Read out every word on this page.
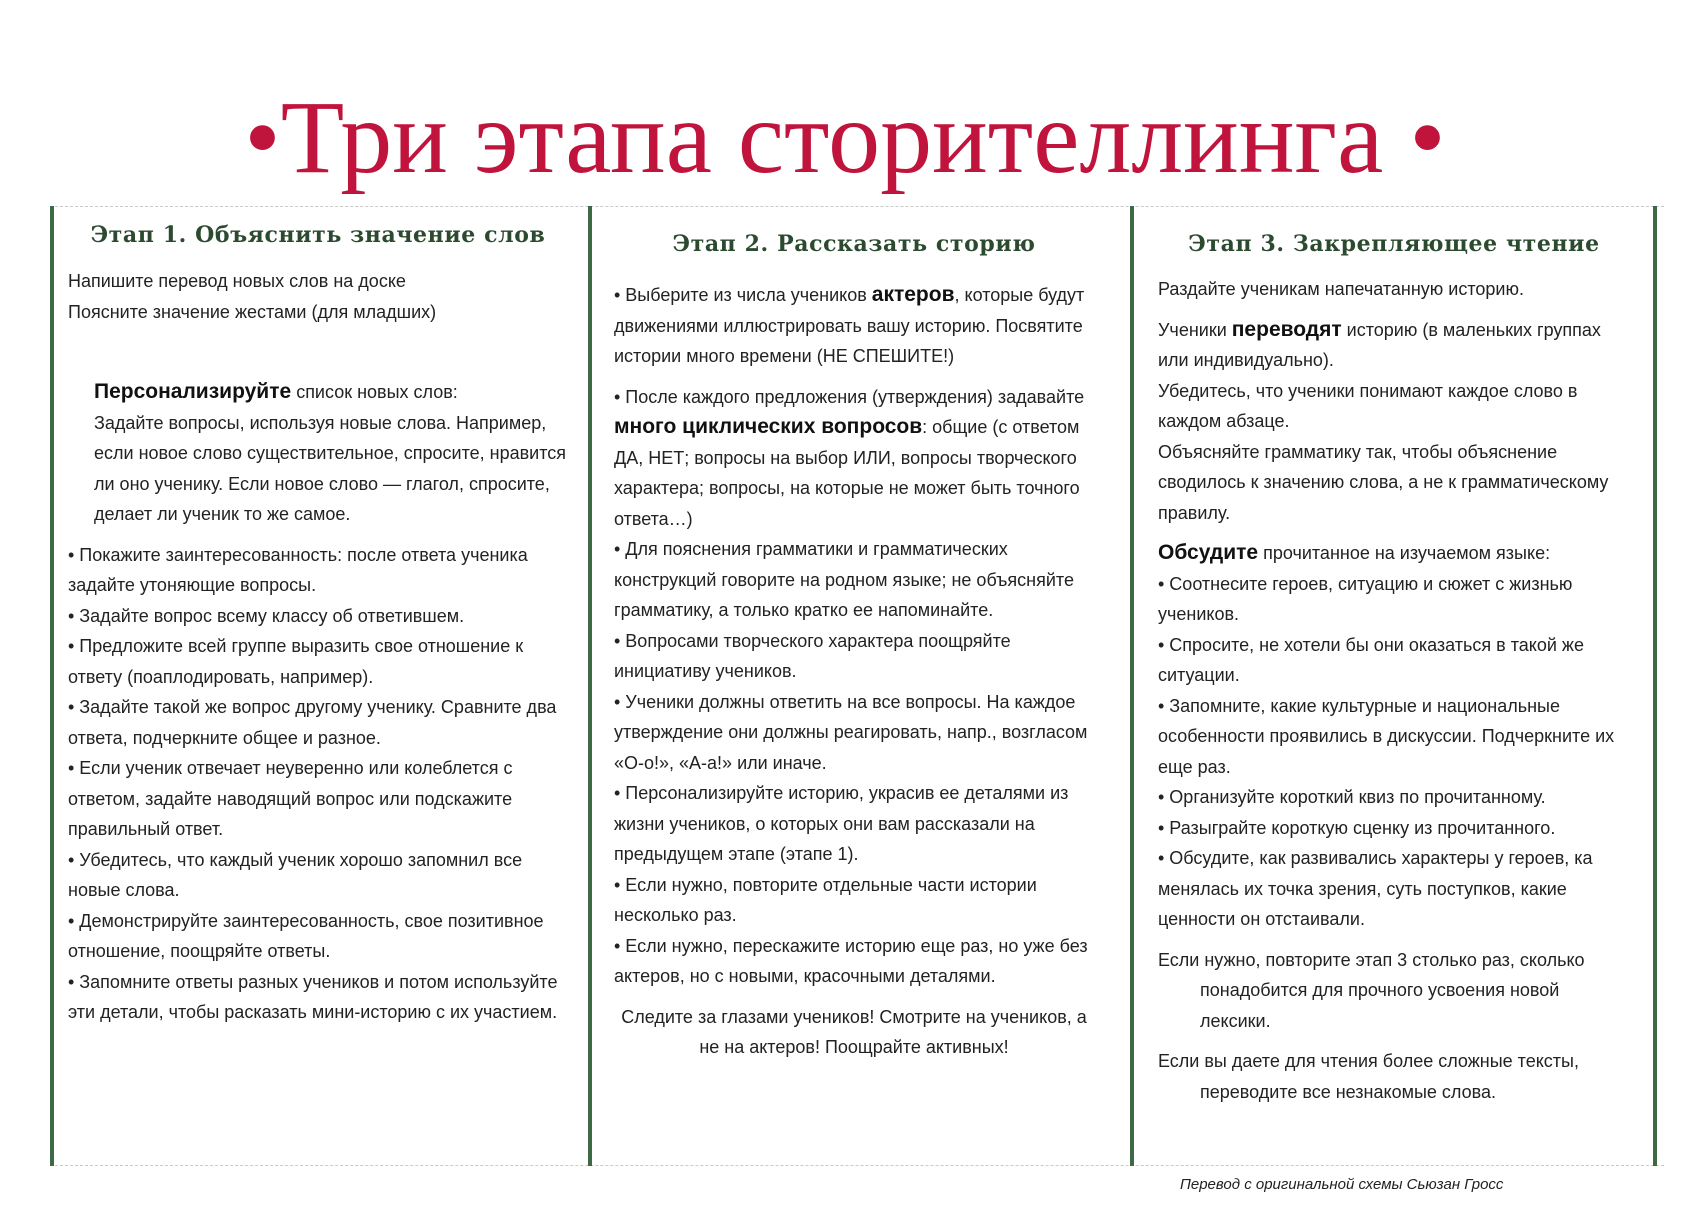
•Три этапа сторителлинга •
Этап 1. Объяснить значение слов

Напишите перевод новых слов на доске

Поясните значение жестами (для младших)

Персонализируйте список новых слов:

Задайте вопросы, используя новые слова. Например, если новое слово существительное, спросите, нравится ли оно ученику. Если новое слово — глагол, спросите, делает ли ученик то же самое.

• Покажите заинтересованность: после ответа ученика задайте утоняющие вопросы.

• Задайте вопрос всему классу об ответившем.

• Предложите всей группе выразить свое отношение к ответу (поаплодировать, например).

• Задайте такой же вопрос другому ученику. Сравните два ответа, подчеркните общее и разное.

• Если ученик отвечает неуверенно или колеблется с ответом, задайте наводящий вопрос или подскажите правильный ответ.

• Убедитесь, что каждый ученик хорошо запомнил все новые слова.

• Демонстрируйте заинтересованность, свое позитивное отношение, поощряйте ответы.

• Запомните ответы разных учеников и потом используйте эти детали, чтобы расказать мини-историю с их участием.

Этап 2. Рассказать сторию

• Выберите из числа учеников актеров, которые будут движениями иллюстрировать вашу историю. Посвятите истории много времени (НЕ СПЕШИТЕ!)

• После каждого предложения (утверждения) задавайте много циклических вопросов: общие (с ответом ДА, НЕТ; вопросы на выбор ИЛИ, вопросы творческого характера; вопросы, на которые не может быть точного ответа…)

• Для пояснения грамматики и грамматических конструкций говорите на родном языке; не объясняйте грамматику, а только кратко ее напоминайте.

• Вопросами творческого характера поощряйте инициативу учеников.

• Ученики должны ответить на все вопросы. На каждое утверждение они должны реагировать, напр., возгласом «О-о!», «А-а!» или иначе.

• Персонализируйте историю, украсив ее деталями из жизни учеников, о которых они вам рассказали на предыдущем этапе (этапе 1).

• Если нужно, повторите отдельные части истории несколько раз.

• Если нужно, перескажите историю еще раз, но уже без актеров, но с новыми, красочными деталями.

Следите за глазами учеников! Смотрите на учеников, а не на актеров! Поощрайте активных!

Этап 3. Закрепляющее чтение

Раздайте ученикам напечатанную историю.

Ученики переводят историю (в маленьких группах или индивидуально).

Убедитесь, что ученики понимают каждое слово в каждом абзаце.

Объясняйте грамматику так, чтобы объяснение сводилось к значению слова, а не к грамматическому правилу.

Обсудите прочитанное на изучаемом языке:

• Соотнесите героев, ситуацию и сюжет с жизнью учеников.

• Спросите, не хотели бы они оказаться в такой же ситуации.

• Запомните, какие культурные и национальные особенности проявились в дискуссии. Подчеркните их еще раз.

• Организуйте короткий квиз по прочитанному.

• Разыграйте короткую сценку из прочитанного.

• Обсудите, как развивались характеры у героев, ка менялась их точка зрения, суть поступков, какие ценности он отстаивали.

Если нужно, повторите этап 3 столько раз, сколько понадобится для прочного усвоения новой лексики.

Если вы даете для чтения более сложные тексты, переводите все незнакомые слова.

Перевод с оригинальной схемы Сьюзан Гросс
